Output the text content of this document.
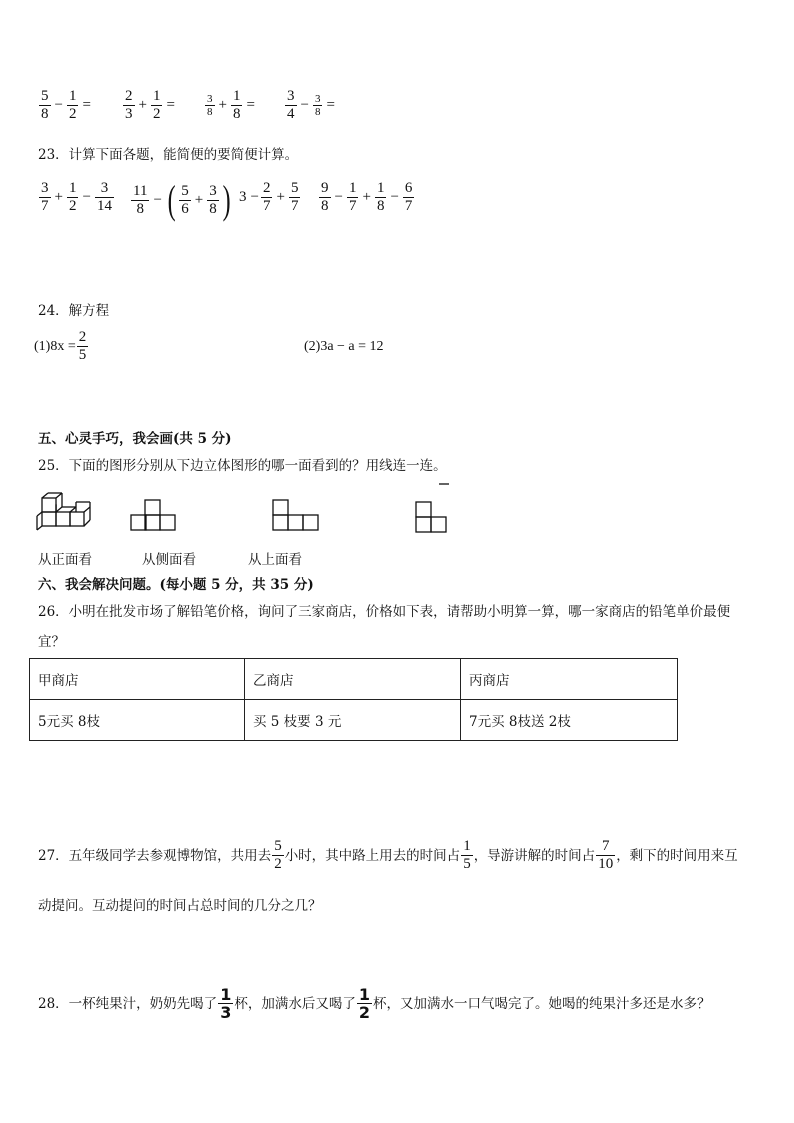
$\frac{5}{8} - \frac{1}{2} = \frac{2}{3} + \frac{1}{2}$ =	$\frac{3}{8} + \frac{1}{8} = \frac{3}{4} - \frac{3}{8}$ =
23．计算下面各题，能简便的要简便计算。
$\frac{3}{7} + \frac{1}{2} - \frac{3}{14} \frac{11}{8}$ − ( $\frac{5}{6} + \frac{3}{8}$ ) $3 - \frac{2}{7} + \frac{5}{7} \frac{9}{8} - \frac{1}{7} + \frac{1}{8} - \frac{6}{7}$
24．解方程
$(1)8x = \frac{2}{5}$	(2)3a − a = 12
五、心灵手巧，我会画(共 5 分)
25．下面的图形分别从下边立体图形的哪一面看到的？用线连一连。
从正面看	从侧面看	从上面看
六、我会解决问题。(每小题 5 分，共 35 分)
26．小明在批发市场了解铅笔价格，询问了三家商店，价格如下表，请帮助小明算一算，哪一家商店的铅笔单价最便
宜？
甲商店	乙商店	丙商店
5元买 8枝	买 5 枝要 3 元	7元买 8枝送 2枝
27．五年级同学去参观博物馆，共用去 $\frac{5}{2}$ 小时，其中路上用去的时间占 $\frac{1}{5}$ ，导游讲解的时间占 $\frac{7}{10}$ ，剩下的时间用来互
动提问。互动提问的时间占总时间的几分之几？
28．一杯纯果汁，奶奶先喝了 $\frac{1}{3}$ 杯，加满水后又喝了 $\frac{1}{2}$ 杯，又加满水一口气喝完了。她喝的纯果汁多还是水多？
